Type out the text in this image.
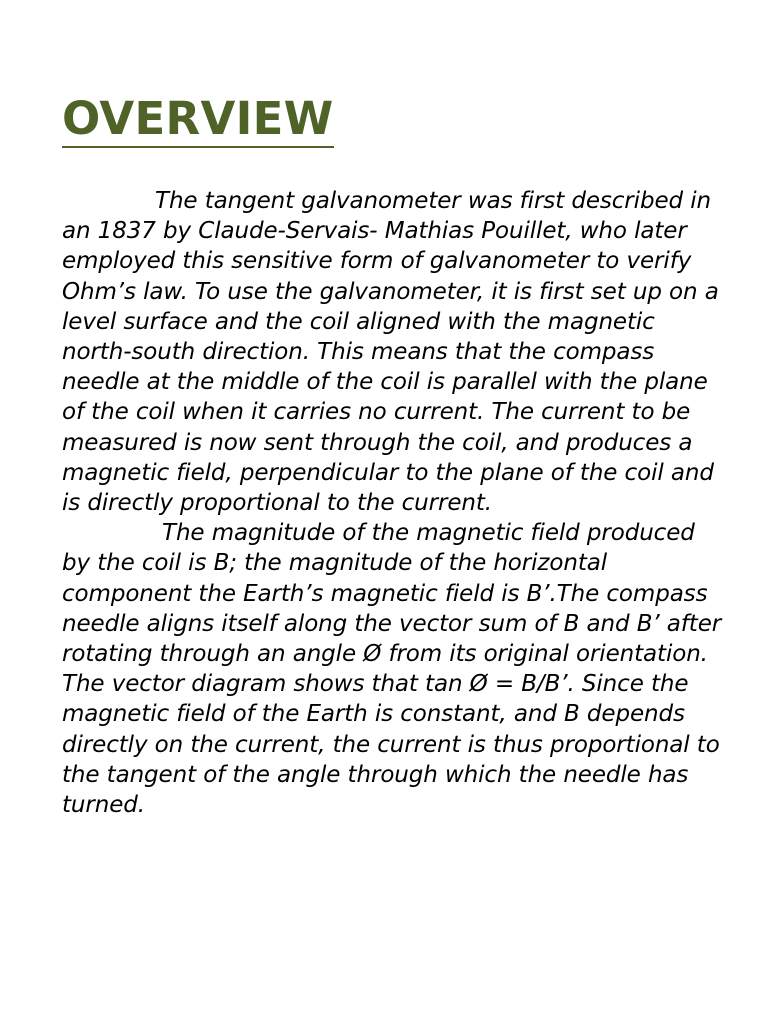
OVERVIEW

The tangent galvanometer was first described in an 1837 by Claude-Servais- Mathias Pouillet, who later employed this sensitive form of galvanometer to verify Ohm’s law. To use the galvanometer, it is first set up on a level surface and the coil aligned with the magnetic north-south direction. This means that the compass needle at the middle of the coil is parallel with the plane of the coil when it carries no current. The current to be measured is now sent through the coil, and produces a magnetic field, perpendicular to the plane of the coil and is directly proportional to the current.

The magnitude of the magnetic field produced by the coil is B; the magnitude of the horizontal component the Earth’s magnetic field is B’.The compass needle aligns itself along the vector sum of B and B’ after rotating through an angle Ø from its original orientation. The vector diagram shows that tan Ø = B/B’. Since the magnetic field of the Earth is constant, and B depends directly on the current, the current is thus proportional to the tangent of the angle through which the needle has turned.
